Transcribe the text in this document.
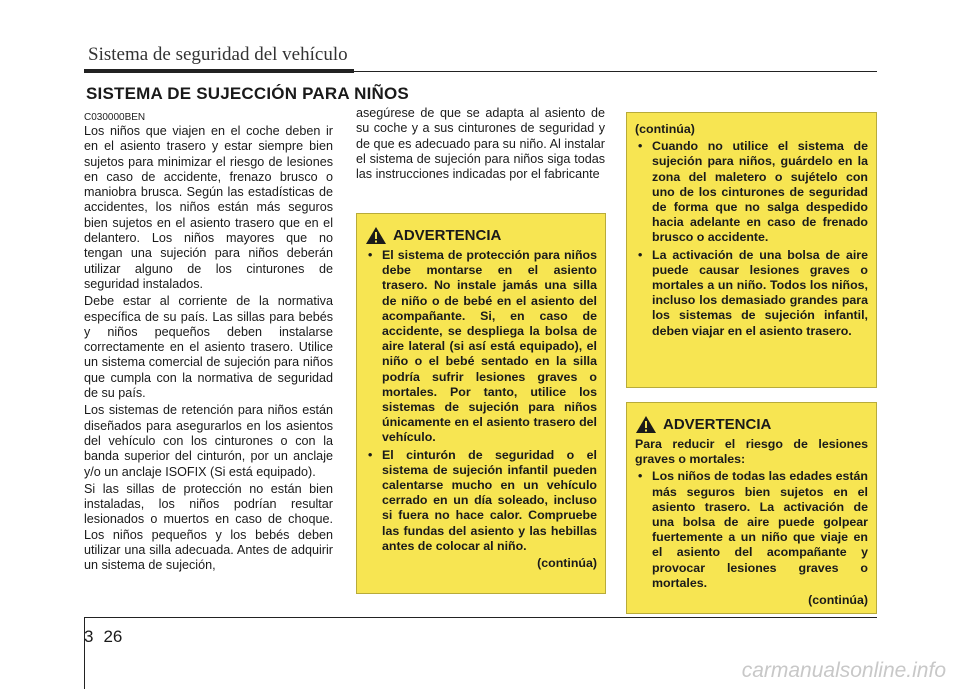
Sistema de seguridad del vehículo
SISTEMA DE SUJECCIÓN PARA NIÑOS
C030000BEN

Los niños que viajen en el coche deben ir en el asiento trasero y estar siempre bien sujetos para minimizar el riesgo de lesiones en caso de accidente, frenazo brusco o maniobra brusca. Según las estadísticas de accidentes, los niños están más seguros bien sujetos en el asiento trasero que en el delantero. Los niños mayores que no tengan una sujeción para niños deberán utilizar alguno de los cinturones de seguridad instalados.

Debe estar al corriente de la normativa específica de su país. Las sillas para bebés y niños pequeños deben instalarse correctamente en el asiento trasero. Utilice un sistema comercial de sujeción para niños que cumpla con la normativa de seguridad de su país.

Los sistemas de retención para niños están diseñados para asegurarlos en los asientos del vehículo con los cinturones o con la banda superior del cinturón, por un anclaje y/o un anclaje ISOFIX (Si está equipado).

Si las sillas de protección no están bien instaladas, los niños podrían resultar lesionados o muertos en caso de choque. Los niños pequeños y los bebés deben utilizar una silla adecuada. Antes de adquirir un sistema de sujeción,

asegúrese de que se adapta al asiento de su coche y a sus cinturones de seguridad y de que es adecuado para su niño. Al instalar el sistema de sujeción para niños siga todas las instrucciones indicadas por el fabricante

ADVERTENCIA
• El sistema de protección para niños debe montarse en el asiento trasero. No instale jamás una silla de niño o de bebé en el asiento del acompañante. Si, en caso de accidente, se despliega la bolsa de aire lateral (si así está equipado), el niño o el bebé sentado en la silla podría sufrir lesiones graves o mortales. Por tanto, utilice los sistemas de sujeción para niños únicamente en el asiento trasero del vehículo.
• El cinturón de seguridad o el sistema de sujeción infantil pueden calentarse mucho en un vehículo cerrado en un día soleado, incluso si fuera no hace calor. Compruebe las fundas del asiento y las hebillas antes de colocar al niño.
(continúa)
(continúa)
• Cuando no utilice el sistema de sujeción para niños, guárdelo en la zona del maletero o sujételo con uno de los cinturones de seguridad de forma que no salga despedido hacia adelante en caso de frenado brusco o accidente.
• La activación de una bolsa de aire puede causar lesiones graves o mortales a un niño. Todos los niños, incluso los demasiado grandes para los sistemas de sujeción infantil, deben viajar en el asiento trasero.
ADVERTENCIA
Para reducir el riesgo de lesiones graves o mortales:
• Los niños de todas las edades están más seguros bien sujetos en el asiento trasero. La activación de una bolsa de aire puede golpear fuertemente a un niño que viaje en el asiento del acompañante y provocar lesiones graves o mortales.
(continúa)
3 26
carmanualsonline.info
